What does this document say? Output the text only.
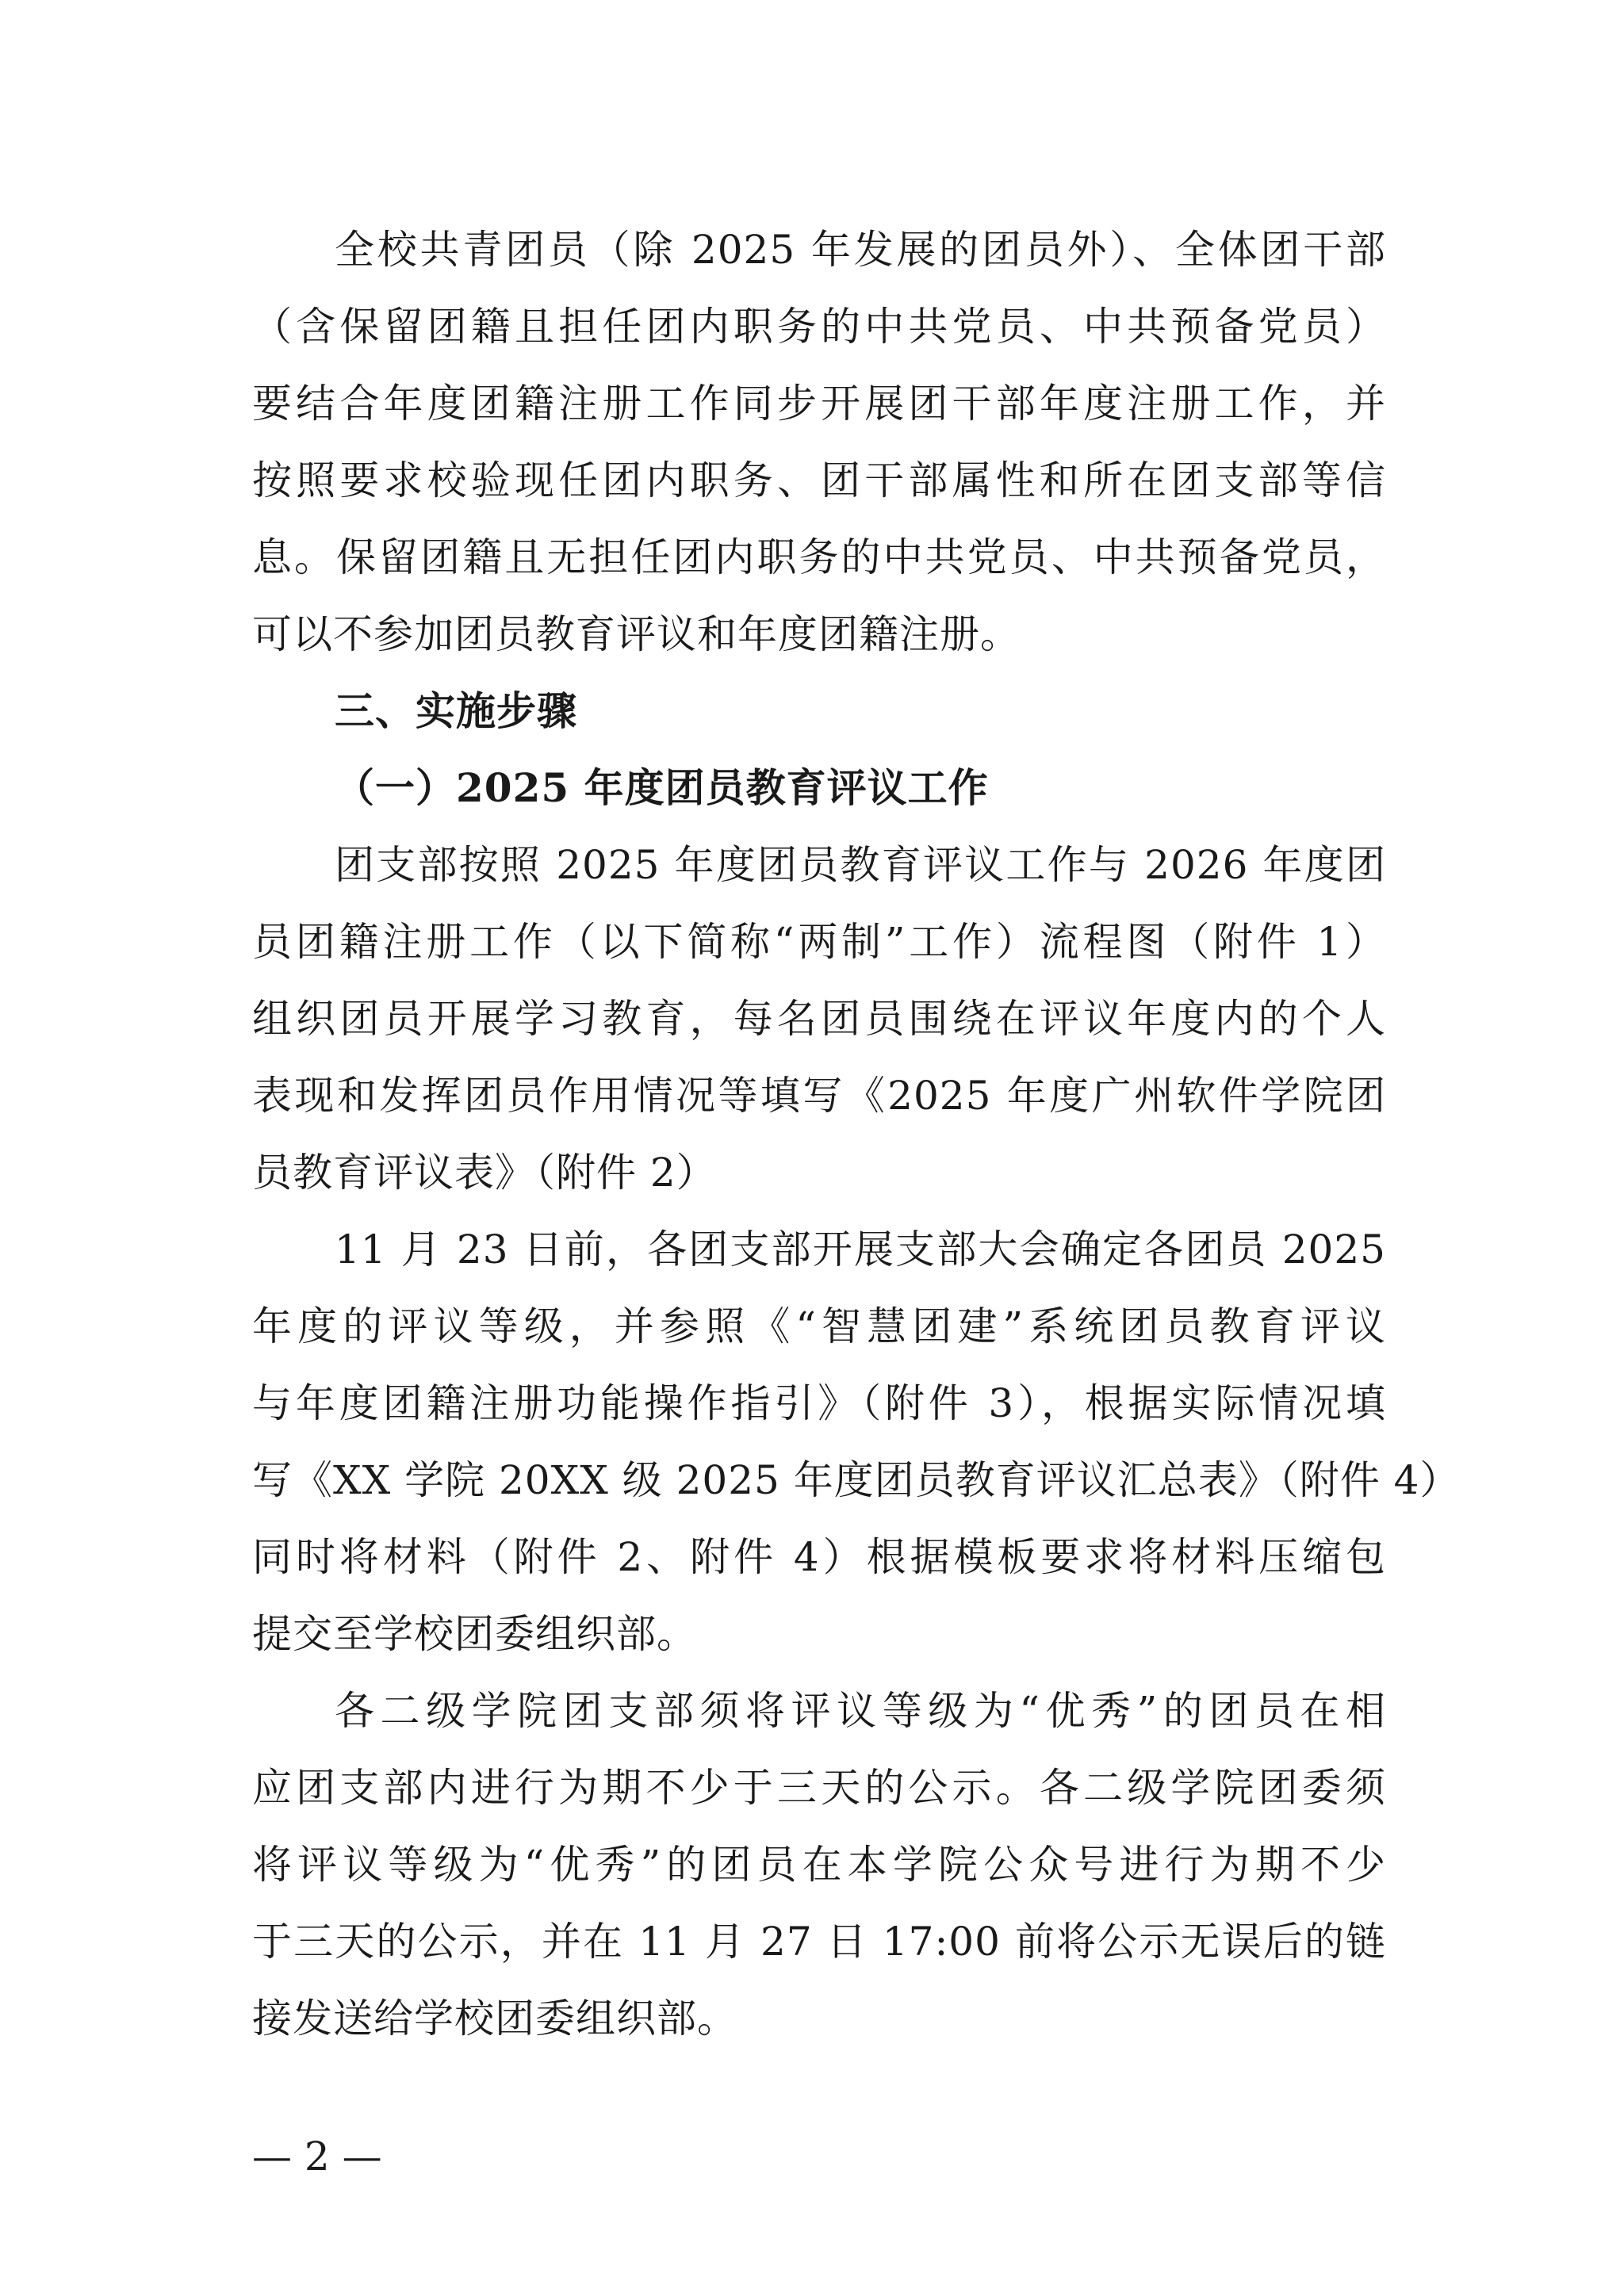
全校共青团员（除 2025 年发展的团员外）、全体团干部
（含保留团籍且担任团内职务的中共党员、中共预备党员）
要结合年度团籍注册工作同步开展团干部年度注册工作，并
按照要求校验现任团内职务、团干部属性和所在团支部等信
息。保留团籍且无担任团内职务的中共党员、中共预备党员，
可以不参加团员教育评议和年度团籍注册。
三、实施步骤
（一）2025 年度团员教育评议工作
团支部按照 2025 年度团员教育评议工作与 2026 年度团
员团籍注册工作（以下简称“两制”工作）流程图（附件 1）
组织团员开展学习教育，每名团员围绕在评议年度内的个人
表现和发挥团员作用情况等填写《2025 年度广州软件学院团
员教育评议表》（附件 2）
11 月 23 日前，各团支部开展支部大会确定各团员 2025
年度的评议等级，并参照《“智慧团建”系统团员教育评议
与年度团籍注册功能操作指引》（附件 3），根据实际情况填
写《XX 学院 20XX 级 2025 年度团员教育评议汇总表》（附件 4）
同时将材料（附件 2、附件 4）根据模板要求将材料压缩包
提交至学校团委组织部。
各二级学院团支部须将评议等级为“优秀”的团员在相
应团支部内进行为期不少于三天的公示。各二级学院团委须
将评议等级为“优秀”的团员在本学院公众号进行为期不少
于三天的公示，并在 11 月 27 日 17:00 前将公示无误后的链
接发送给学校团委组织部。
— 2 —
